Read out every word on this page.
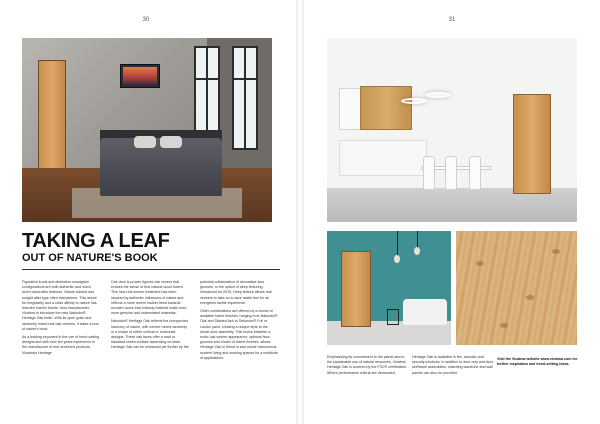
30	31
TAKING A LEAF
OUT OF NATURE'S BOOK

Figurative knots and distinctive woodgrain configurations are both authentic and much loved decorative features. Nature adored and sought after type often everywhere. This desire for irregularity and a close affinity to nature has directed interior trends: door manufacturer, Vicaima to introduce the new Naturdor® Heritage Oak finish. With its open grain and randomly mixed real oak veneers, it takes a look of nature's book.

As a leading exponent in the use of trend-setting designs and with over ten years experience in the manufacture of real veneered products, Vicaima's Heritage

Oak door is proven figured oak veneer that echoes the sense of true natural wood lovers. This new real veneer treatment has been inspired by authentic influences of nature and reflects a more recent market trend towards wooden doors that embody material made from more genuine and understated materials.

Naturdor® Heritage Oak reflects the unexpected harmony of nature, with veneer mixed randomly in a choice of either vertical or horizontal designs. These oak faces offer a matt or standard sheen surface depending on taste. Heritage Oak can be enhanced yet further by the

potential collaboration of decorative face grooves, or the option of deep texturing. Introduced for 2019, Deep texture allows real veneers to take on a more tactile feel for an evergreen tactile experience.

Other combinations are offered by a choice of available frame finishes, ranging from Naturdor® Oak and Stained Ash to Dekordor® Foil or Lacdor paint, creating a unique style to the whole door assembly. This fusion between a rustic oak veneer appearance, optional face grooves and choice of frame finishes, allows Heritage Oak to blend in and create harmonious modern living and working spaces for a multitude of applications.	Emphasising its commitment to the planet and to the sustainable use of natural resources, Vicaima Heritage Oak is covered by the FSC® certification. Where performance criteria are demanded,
Heritage Oak is available in fire, acoustic and security solutions. In addition to door only and door set/frame assemblies, matching wardrobe and wall panels can also be provided.
Visit the Vicaima website www.vicaima.com for further inspiration and trend-setting ideas.
